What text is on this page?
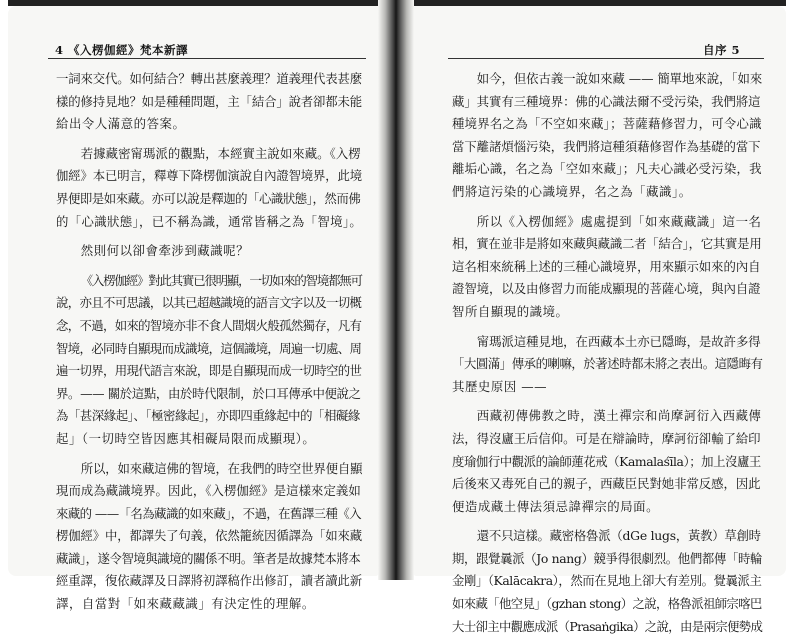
4 《入楞伽經》梵本新譯
一詞來交代。如何結合？轉出甚麼義理？道義理代表甚麼
樣的修持見地？如是種種問題，主「結合」說者卻都未能
給出令人滿意的答案。
若據藏密甯瑪派的觀點，本經實主說如來藏。《入楞
伽經》本已明言，釋尊下降楞伽演說自內證智境界，此境
界便即是如來藏。亦可以說是釋迦的「心識狀態」，然而佛
的「心識狀態」，已不稱為識，通常皆稱之為「智境」。
然則何以卻會牽涉到藏識呢？
《入楞伽經》對此其實已很明顯，一切如來的智境都無可
說，亦且不可思議，以其已超越識境的語言文字以及一切概
念，不過，如來的智境亦非不食人間烟火般孤然獨存，凡有
智境，必同時自顯現而成識境，這個識境，周遍一切處、周
遍一切界，用現代語言來說，即是自顯現而成一切時空的世
界。—— 關於這點，由於時代限制，於口耳傳承中便說之
為「甚深緣起」、「極密緣起」，亦即四重緣起中的「相礙緣
起」（一切時空皆因應其相礙局限而成顯現）。
所以，如來藏這佛的智境，在我們的時空世界便自顯
現而成為藏識境界。因此，《入楞伽經》是這樣來定義如
來藏的 ——「名為藏識的如來藏」，不過，在舊譯三種《入
楞伽經》中，都譯失了句義，依然籠統因循譯為「如來藏
藏識」，遂令智境與識境的關係不明。筆者是故據梵本將本
經重譯，復依藏譯及日譯將初譯稿作出修訂，讀者讀此新
譯，自當對「如來藏藏識」有決定性的理解。
自序 5
如今，但依古義一說如來藏 —— 簡單地來說，「如來
藏」其實有三種境界：佛的心識法爾不受污染，我們將這
種境界名之為「不空如來藏」；菩薩藉修習力，可令心識
當下離諸煩惱污染，我們將這種須藉修習作為基礎的當下
離垢心識，名之為「空如來藏」；凡夫心識必受污染，我
們將這污染的心識境界，名之為「藏識」。
所以《入楞伽經》處處提到「如來藏藏識」這一名
相，實在並非是將如來藏與藏識二者「結合」，它其實是用
這名相來統稱上述的三種心識境界，用來顯示如來的內自
證智境，以及由修習力而能成顯現的菩薩心境，與內自證
智所自顯現的識境。
甯瑪派這種見地，在西藏本土亦已隱晦，是故許多得
「大圓滿」傳承的喇嘛，於著述時都未將之表出。這隱晦有
其歷史原因 ——
西藏初傳佛教之時，漢土禪宗和尚摩訶衍入西藏傳
法，得沒廬王后信仰。可是在辯論時，摩訶衍卻輸了給印
度瑜伽行中觀派的論師蓮花戒（Kamalaśīla）；加上沒廬王
后後來又毒死自己的親子，西藏臣民對她非常反感，因此
便造成藏土傳法須忌諱禪宗的局面。
還不只這樣。藏密格魯派（dGe lugs，黃教）草創時
期，跟覺曩派（Jo nang）競爭得很劇烈。他們都傳「時輪
金剛」（Kalācakra），然而在見地上卻大有差別。覺曩派主
如來藏「他空見」（gzhan stong）之說，格魯派祖師宗喀巴
大士卻主中觀應成派（Prasaṅgika）之說，由是兩宗便勢成
